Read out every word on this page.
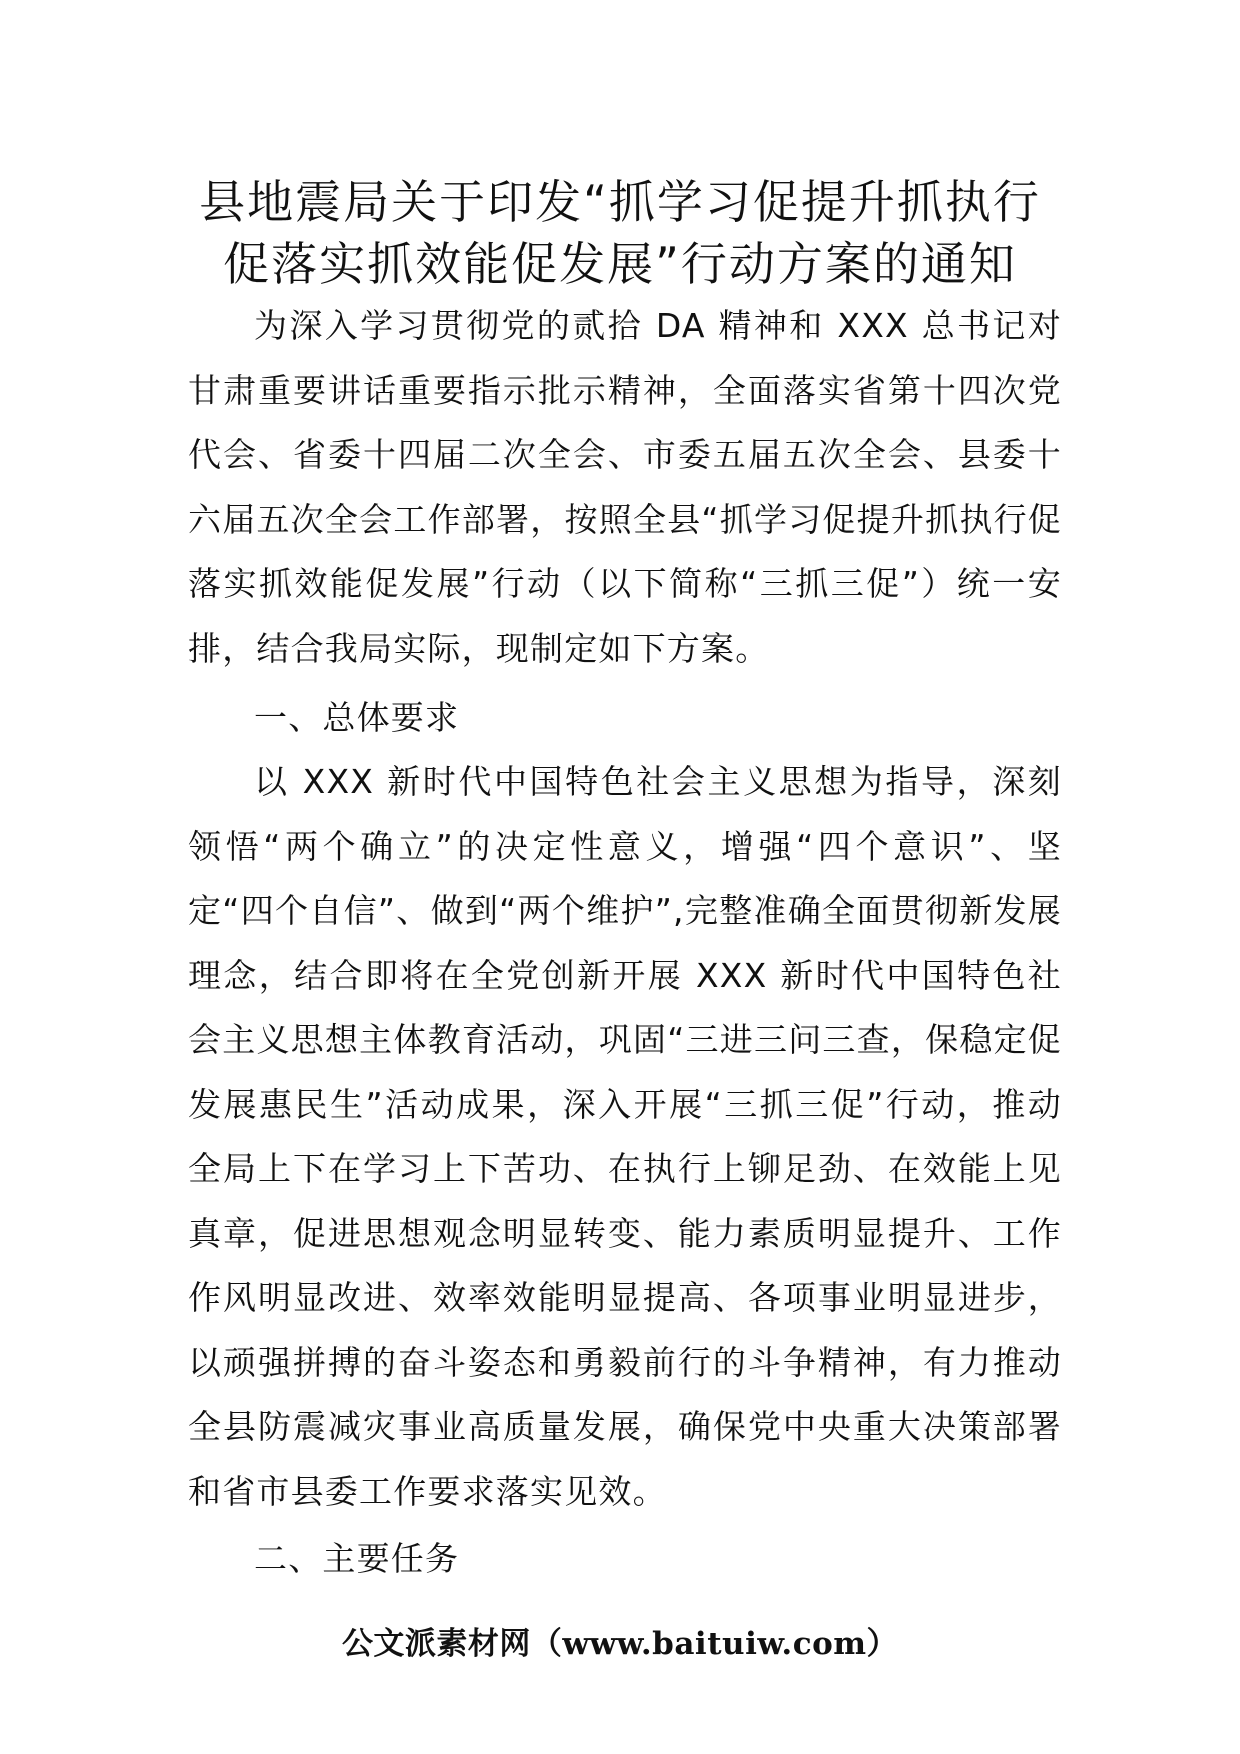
县地震局关于印发“抓学习促提升抓执行
促落实抓效能促发展”行动方案的通知

为深入学习贯彻党的贰拾 DA 精神和 XXX 总书记对甘肃重要讲话重要指示批示精神，全面落实省第十四次党代会、省委十四届二次全会、市委五届五次全会、县委十六届五次全会工作部署，按照全县“抓学习促提升抓执行促落实抓效能促发展”行动（以下简称“三抓三促”）统一安排，结合我局实际，现制定如下方案。

一、总体要求

以 XXX 新时代中国特色社会主义思想为指导，深刻领悟“两个确立”的决定性意义，增强“四个意识”、坚定“四个自信”、做到“两个维护”,完整准确全面贯彻新发展理念，结合即将在全党创新开展 XXX 新时代中国特色社会主义思想主体教育活动，巩固“三进三问三查，保稳定促发展惠民生”活动成果，深入开展“三抓三促”行动，推动全局上下在学习上下苦功、在执行上铆足劲、在效能上见真章，促进思想观念明显转变、能力素质明显提升、工作作风明显改进、效率效能明显提高、各项事业明显进步，以顽强拼搏的奋斗姿态和勇毅前行的斗争精神，有力推动全县防震减灾事业高质量发展，确保党中央重大决策部署和省市县委工作要求落实见效。

二、主要任务

公文派素材网（www.baituiw.com）
